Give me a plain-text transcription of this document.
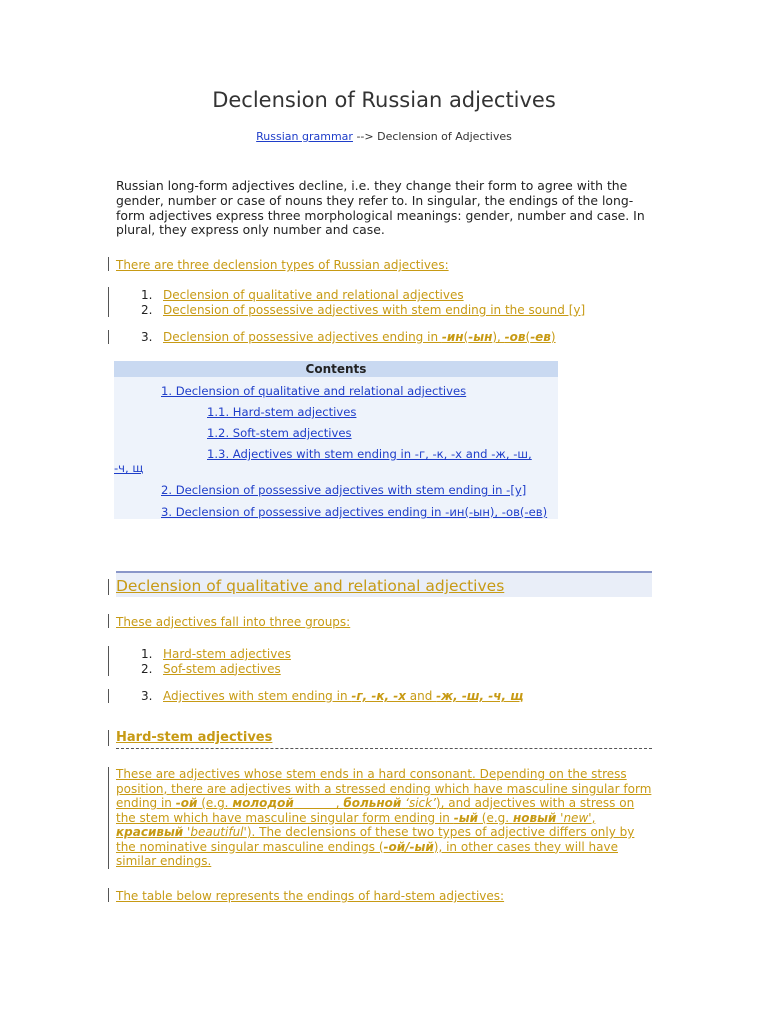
Declension of Russian adjectives
Russian grammar --> Declension of Adjectives
Russian long-form adjectives decline, i.e. they change their form to agree with the gender, number or case of nouns they refer to. In singular, the endings of the long-form adjectives express three morphological meanings: gender, number and case. In plural, they express only number and case.
There are three declension types of Russian adjectives:
1. Declension of qualitative and relational adjectives
2. Declension of possessive adjectives with stem ending in the sound [у]
3. Declension of possessive adjectives ending in -ин(-ын), -ов(-ев)
Contents
1. Declension of qualitative and relational adjectives
1.1. Hard-stem adjectives
1.2. Soft-stem adjectives
1.3. Adjectives with stem ending in -г, -к, -х and -ж, -ш,
-ч, щ
2. Declension of possessive adjectives with stem ending in -[у]
3. Declension of possessive adjectives ending in -ин(-ын), -ов(-ев)
Declension of qualitative and relational adjectives
These adjectives fall into three groups:
1. Hard-stem adjectives
2. Sof-stem adjectives
3. Adjectives with stem ending in -г, -к, -х and -ж, -ш, -ч, щ
Hard-stem adjectives
These are adjectives whose stem ends in a hard consonant. Depending on the stress position, there are adjectives with a stressed ending which have masculine singular form ending in -ой (e.g. молодой           , больной ‘sick’), and adjectives with a stress on the stem which have masculine singular form ending in -ый (e.g. новый 'new', красивый 'beautiful'). The declensions of these two types of adjective differs only by the nominative singular masculine endings (-ой/-ый), in other cases they will have similar endings.
The table below represents the endings of hard-stem adjectives:
